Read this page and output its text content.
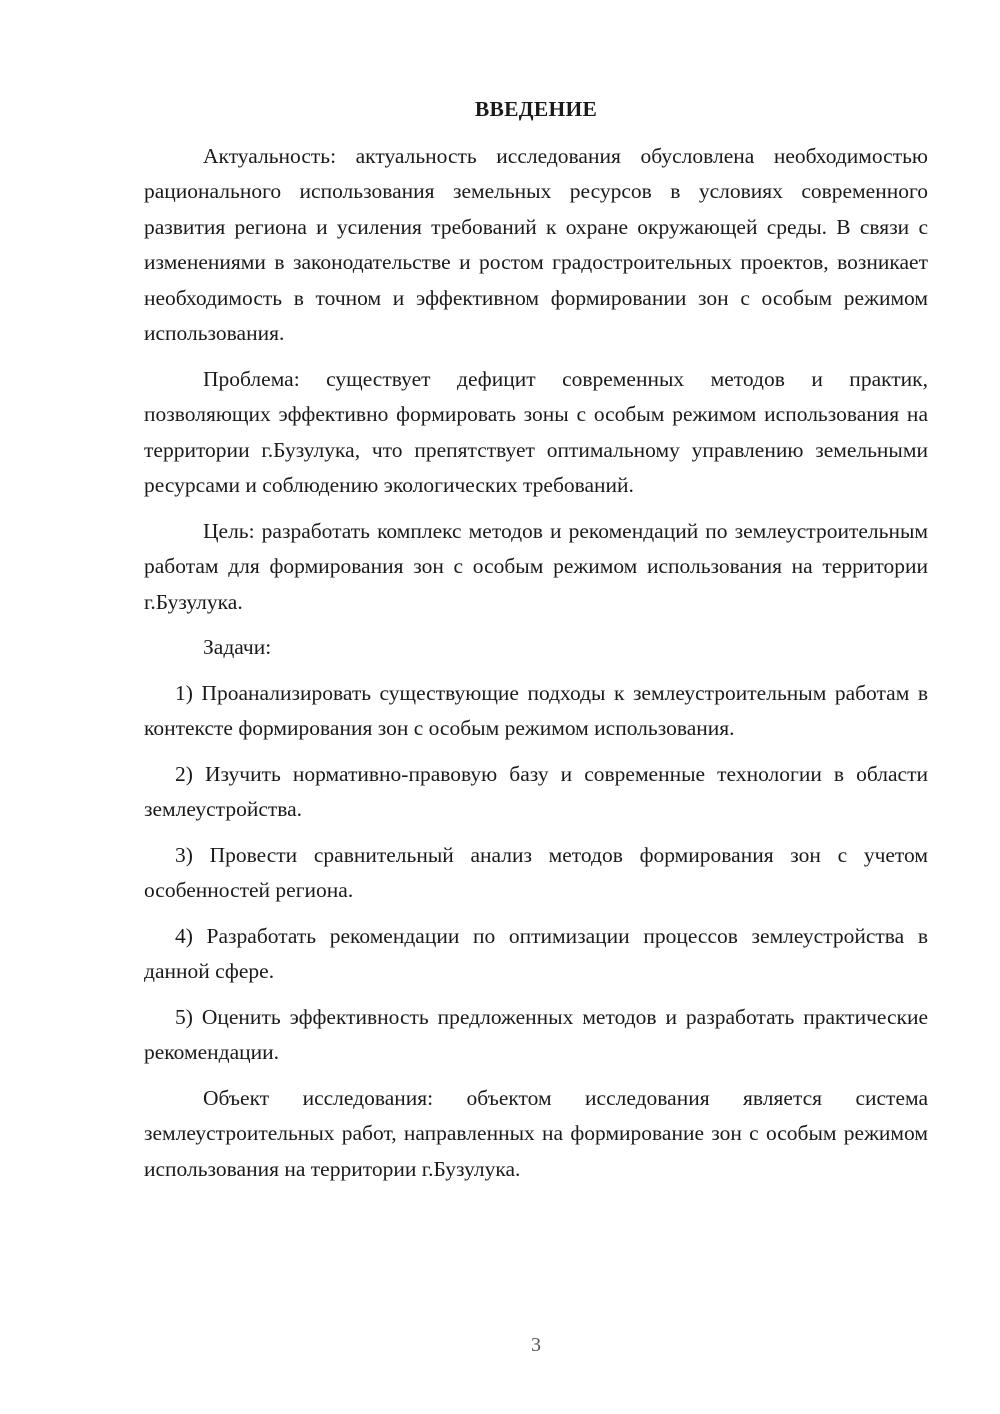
ВВЕДЕНИЕ

Актуальность: актуальность исследования обусловлена необходимостью рационального использования земельных ресурсов в условиях современного развития региона и усиления требований к охране окружающей среды. В связи с изменениями в законодательстве и ростом градостроительных проектов, возникает необходимость в точном и эффективном формировании зон с особым режимом использования.

Проблема: существует дефицит современных методов и практик, позволяющих эффективно формировать зоны с особым режимом использования на территории г.Бузулука, что препятствует оптимальному управлению земельными ресурсами и соблюдению экологических требований.

Цель: разработать комплекс методов и рекомендаций по землеустроительным работам для формирования зон с особым режимом использования на территории г.Бузулука.

Задачи:

1) Проанализировать существующие подходы к землеустроительным работам в контексте формирования зон с особым режимом использования.

2) Изучить нормативно-правовую базу и современные технологии в области землеустройства.

3) Провести сравнительный анализ методов формирования зон с учетом особенностей региона.

4) Разработать рекомендации по оптимизации процессов землеустройства в данной сфере.

5) Оценить эффективность предложенных методов и разработать практические рекомендации.

Объект исследования: объектом исследования является система землеустроительных работ, направленных на формирование зон с особым режимом использования на территории г.Бузулука.

3
